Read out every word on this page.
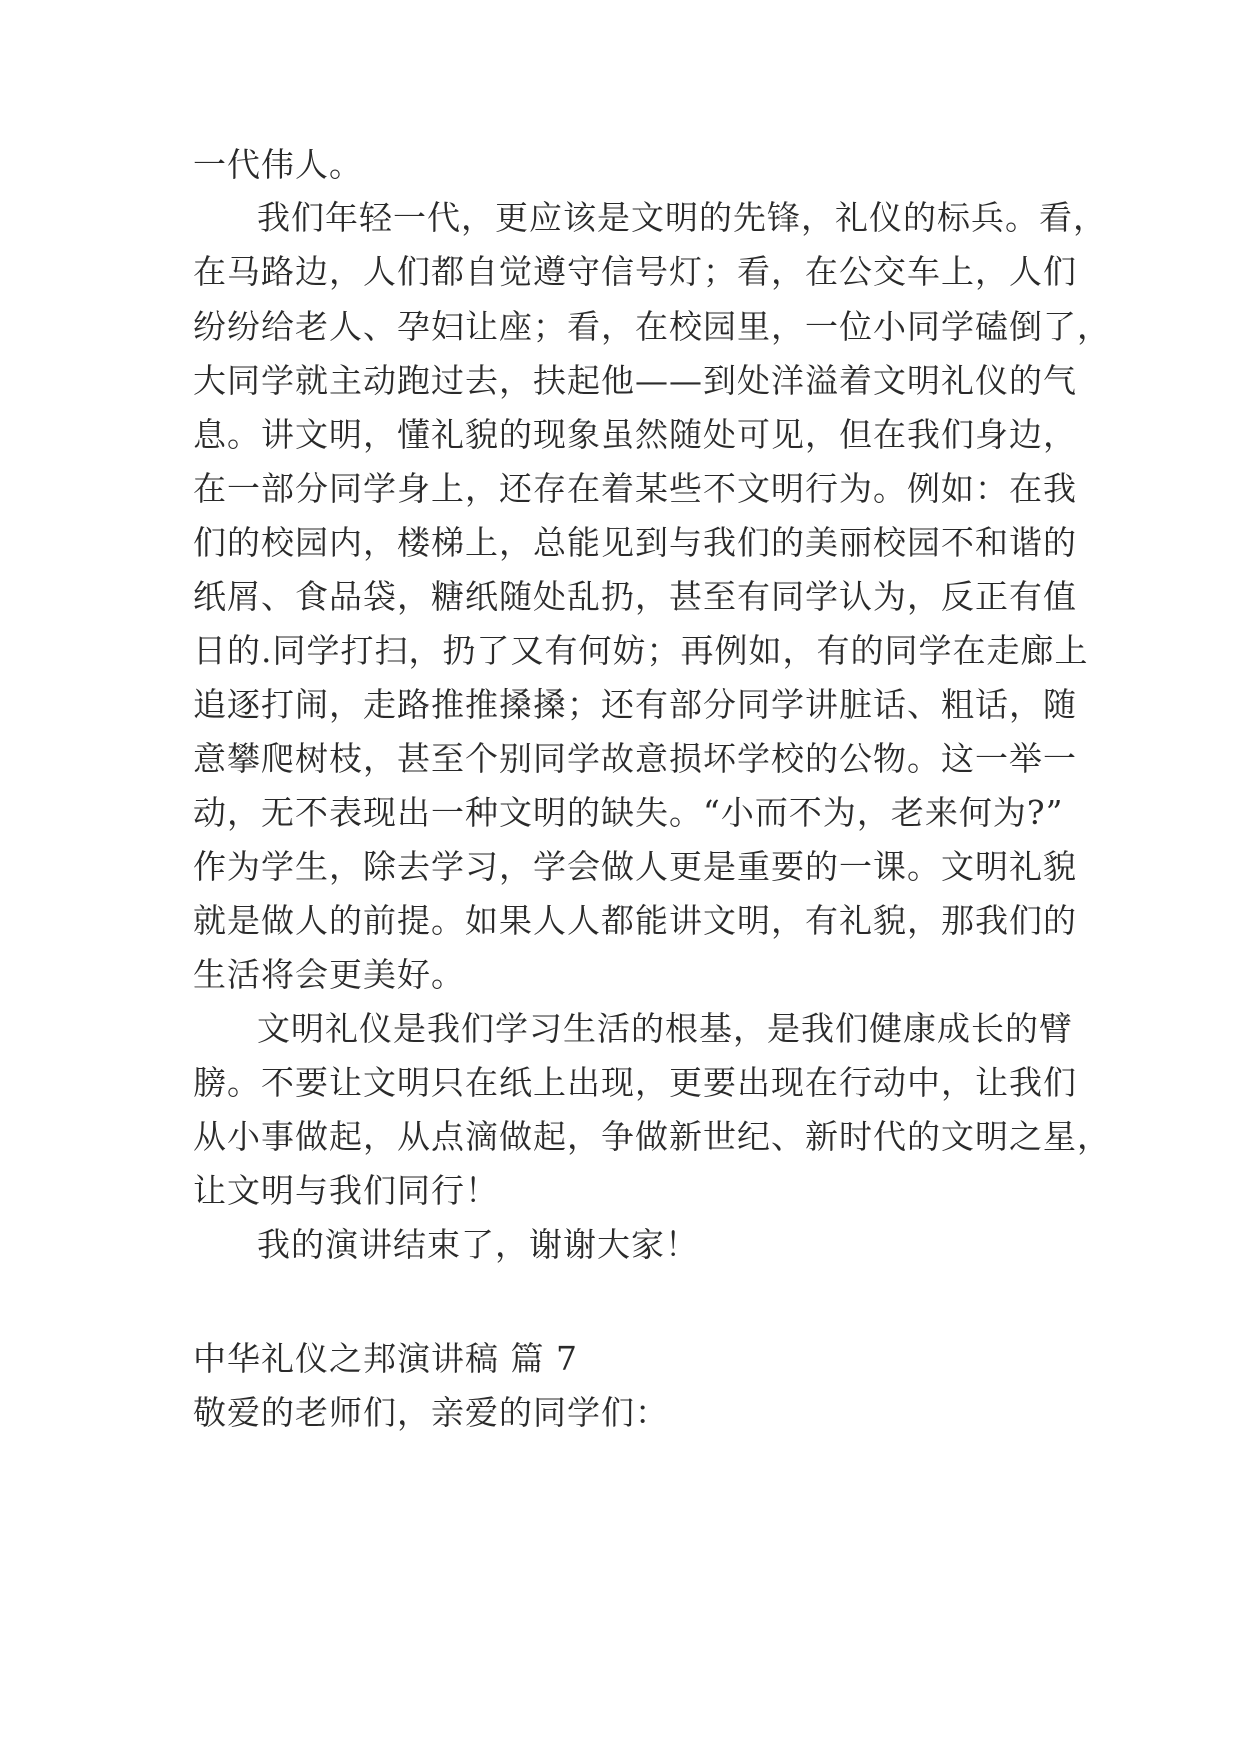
一代伟人。
我们年轻一代，更应该是文明的先锋，礼仪的标兵。看，
在马路边，人们都自觉遵守信号灯；看，在公交车上，人们
纷纷给老人、孕妇让座；看，在校园里，一位小同学磕倒了，
大同学就主动跑过去，扶起他——到处洋溢着文明礼仪的气
息。讲文明，懂礼貌的现象虽然随处可见，但在我们身边，
在一部分同学身上，还存在着某些不文明行为。例如：在我
们的校园内，楼梯上，总能见到与我们的美丽校园不和谐的
纸屑、食品袋，糖纸随处乱扔，甚至有同学认为，反正有值
日的.同学打扫，扔了又有何妨；再例如，有的同学在走廊上
追逐打闹，走路推推搡搡；还有部分同学讲脏话、粗话，随
意攀爬树枝，甚至个别同学故意损坏学校的公物。这一举一
动，无不表现出一种文明的缺失。“小而不为，老来何为?”
作为学生，除去学习，学会做人更是重要的一课。文明礼貌
就是做人的前提。如果人人都能讲文明，有礼貌，那我们的
生活将会更美好。
文明礼仪是我们学习生活的根基，是我们健康成长的臂
膀。不要让文明只在纸上出现，更要出现在行动中，让我们
从小事做起，从点滴做起，争做新世纪、新时代的文明之星，
让文明与我们同行！
我的演讲结束了，谢谢大家！
中华礼仪之邦演讲稿 篇 7
敬爱的老师们，亲爱的同学们：
